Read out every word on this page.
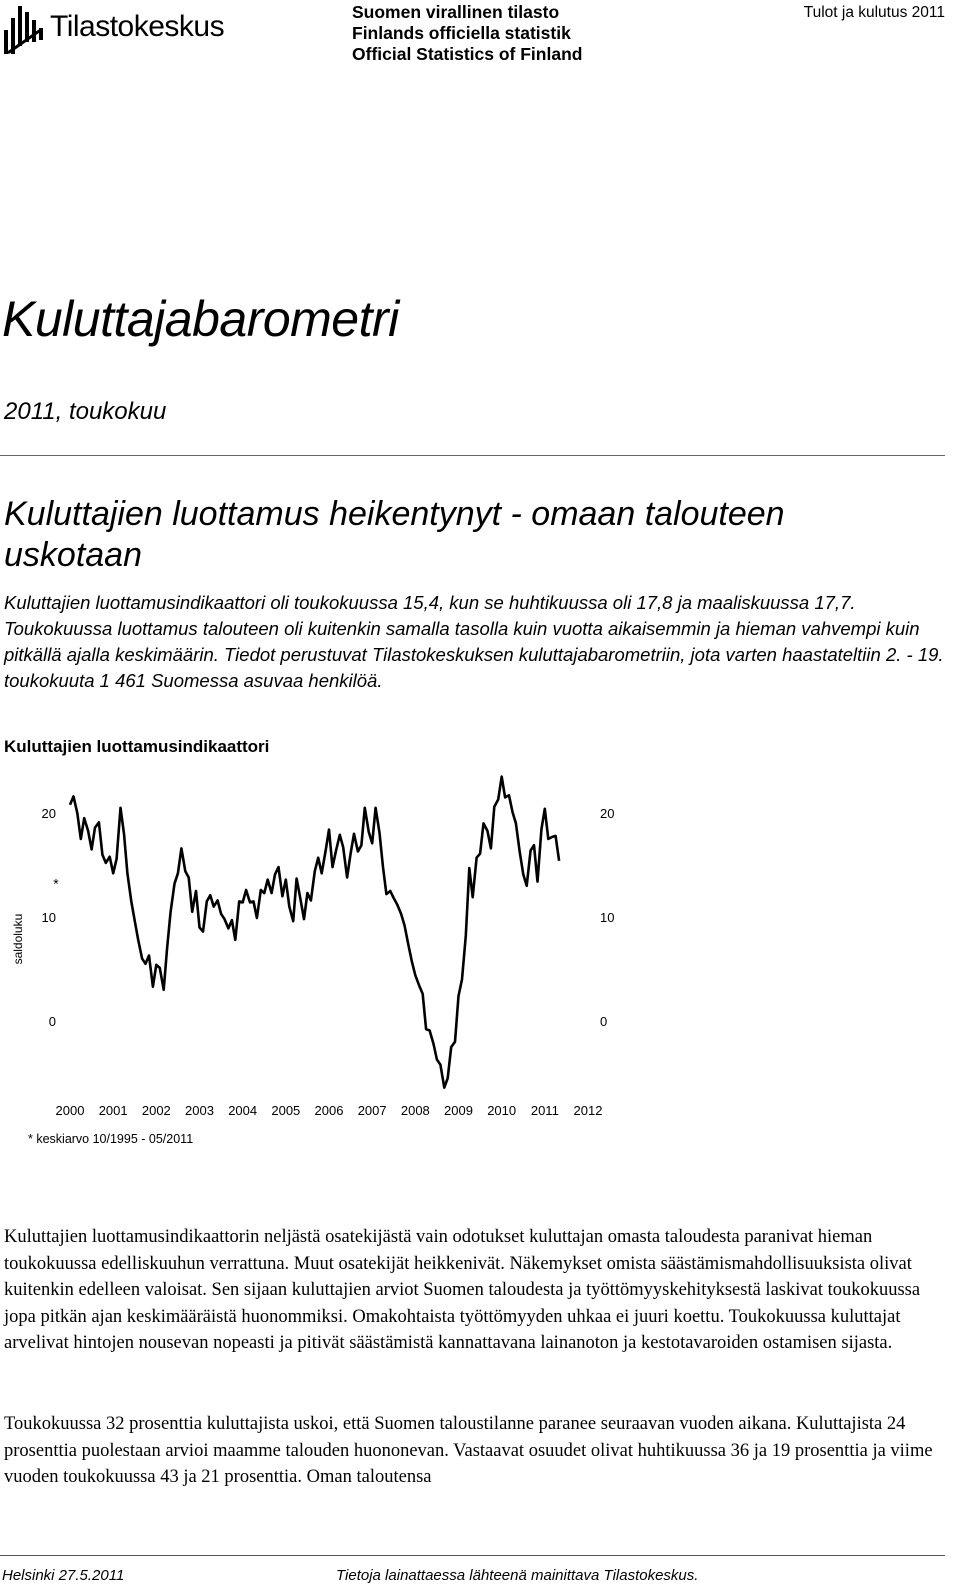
Tilastokeskus	Suomen virallinen tilasto
Finlands officiella statistik
Official Statistics of Finland
Tulot ja kulutus 2011
Kuluttajabarometri
2011, toukokuu
Kuluttajien luottamus heikentynyt - omaan talouteen uskotaan
Kuluttajien luottamusindikaattori oli toukokuussa 15,4, kun se huhtikuussa oli 17,8 ja maaliskuussa 17,7. Toukokuussa luottamus talouteen oli kuitenkin samalla tasolla kuin vuotta aikaisemmin ja hieman vahvempi kuin pitkällä ajalla keskimäärin. Tiedot perustuvat Tilastokeskuksen kuluttajabarometriin, jota varten haastateltiin 2. - 19. toukokuuta 1 461 Suomessa asuvaa henkilöä.
Kuluttajien luottamusindikaattori
0	0
10	10
20	20
2000 2001 2002 2003 2004 2005 2006 2007 2008 2009 2010 2011 2012
*
saldoluku
* keskiarvo 10/1995 - 05/2011
Kuluttajien luottamusindikaattorin neljästä osatekijästä vain odotukset kuluttajan omasta taloudesta paranivat hieman toukokuussa edelliskuuhun verrattuna. Muut osatekijät heikkenivät. Näkemykset omista säästämismahdollisuuksista olivat kuitenkin edelleen valoisat. Sen sijaan kuluttajien arviot Suomen taloudesta ja työttömyyskehityksestä laskivat toukokuussa jopa pitkän ajan keskimääräistä huonommiksi. Omakohtaista työttömyyden uhkaa ei juuri koettu. Toukokuussa kuluttajat arvelivat hintojen nousevan nopeasti ja pitivät säästämistä kannattavana lainanoton ja kestotavaroiden ostamisen sijasta.
Toukokuussa 32 prosenttia kuluttajista uskoi, että Suomen taloustilanne paranee seuraavan vuoden aikana. Kuluttajista 24 prosenttia puolestaan arvioi maamme talouden huononevan. Vastaavat osuudet olivat huhtikuussa 36 ja 19 prosenttia ja viime vuoden toukokuussa 43 ja 21 prosenttia. Oman taloutensa
Helsinki 27.5.2011	Tietoja lainattaessa lähteenä mainittava Tilastokeskus.
